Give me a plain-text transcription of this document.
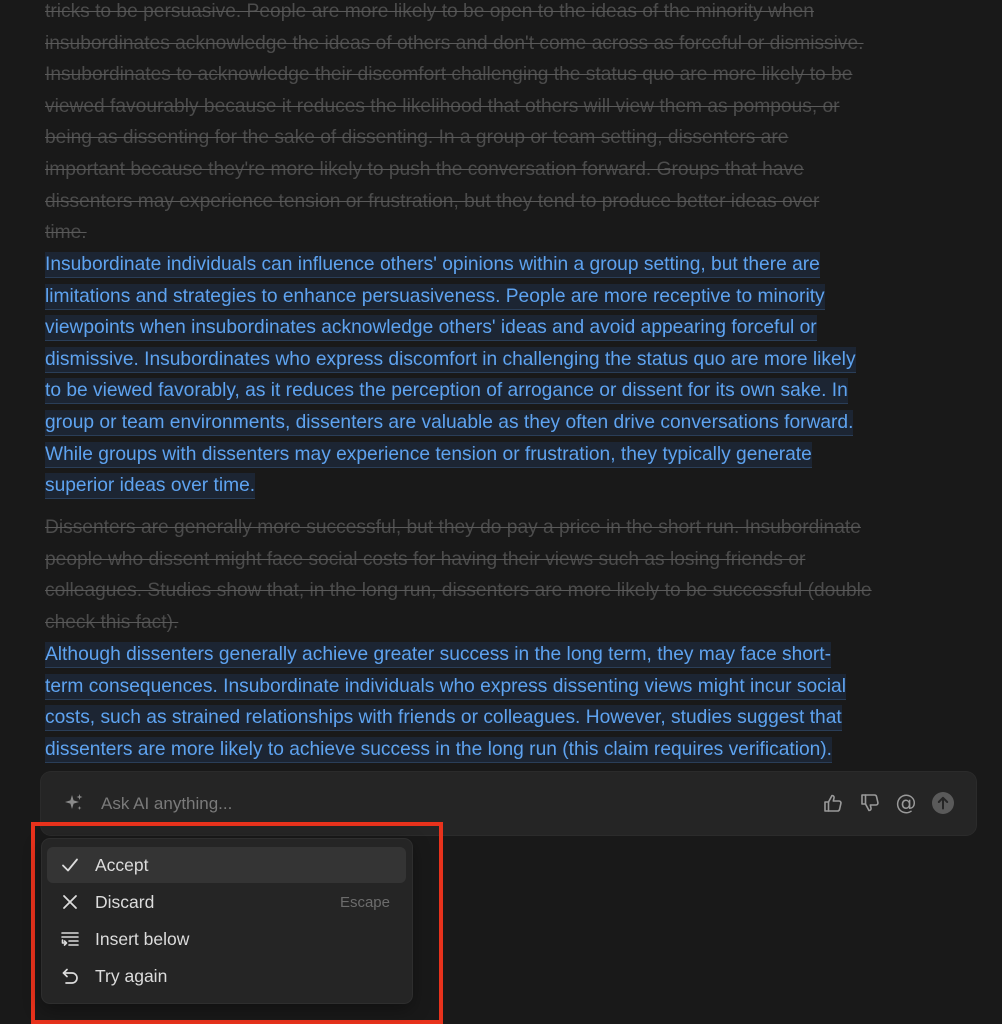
tricks to be persuasive. People are more likely to be open to the ideas of the minority when
insubordinates acknowledge the ideas of others and don't come across as forceful or dismissive.
Insubordinates to acknowledge their discomfort challenging the status quo are more likely to be
viewed favourably because it reduces the likelihood that others will view them as pompous, or
being as dissenting for the sake of dissenting. In a group or team setting, dissenters are
important because they're more likely to push the conversation forward. Groups that have
dissenters may experience tension or frustration, but they tend to produce better ideas over
time.
Insubordinate individuals can influence others' opinions within a group setting, but there are
limitations and strategies to enhance persuasiveness. People are more receptive to minority
viewpoints when insubordinates acknowledge others' ideas and avoid appearing forceful or
dismissive. Insubordinates who express discomfort in challenging the status quo are more likely
to be viewed favorably, as it reduces the perception of arrogance or dissent for its own sake. In
group or team environments, dissenters are valuable as they often drive conversations forward.
While groups with dissenters may experience tension or frustration, they typically generate
superior ideas over time.
Dissenters are generally more successful, but they do pay a price in the short run. Insubordinate
people who dissent might face social costs for having their views such as losing friends or
colleagues. Studies show that, in the long run, dissenters are more likely to be successful (double
check this fact).
Although dissenters generally achieve greater success in the long term, they may face short-
term consequences. Insubordinate individuals who express dissenting views might incur social
costs, such as strained relationships with friends or colleagues. However, studies suggest that
dissenters are more likely to achieve success in the long run (this claim requires verification).
Ask AI anything...
@
Accept
Discard	Escape
Insert below
Try again
